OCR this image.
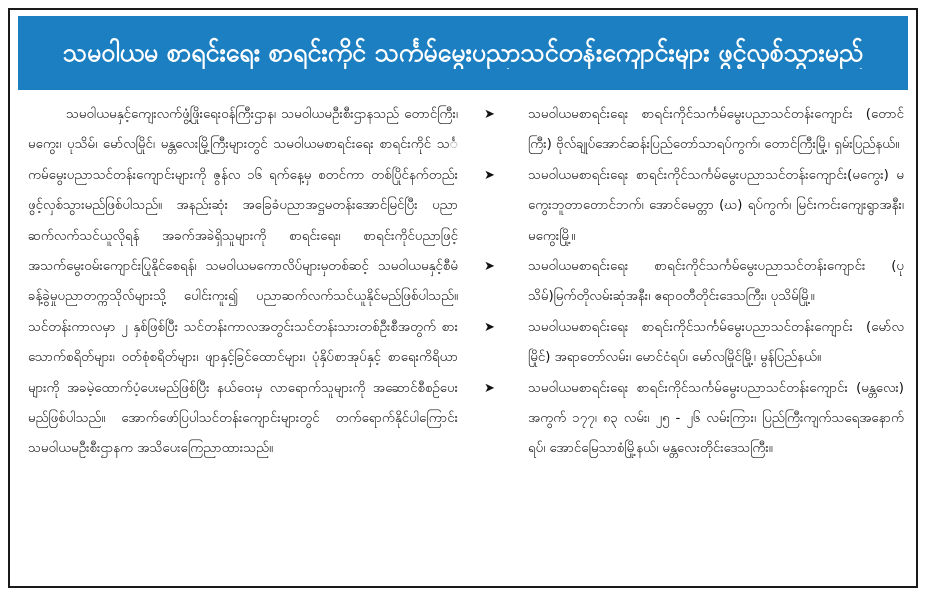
သမဝါယမ စာရင်းရေး စာရင်းကိုင် သင်္ကမ်မွေးပညာသင်တန်းကျောင်းများ ဖွင့်လှစ်သွားမည်

သမဝါယမနှင့်ကျေးလက်ဖွံ့ဖြိုးရေးဝန်ကြီးဌာန၊ သမဝါယမဦးစီးဌာနသည် တောင်ကြီး၊ မကွေး၊ ပုသိမ်၊ မော်လမြိုင်၊ မန္တလေးမြို့ကြီးများတွင် သမဝါယမစာရင်းရေး စာရင်းကိုင် သင်္ကမ်မွေးပညာသင်တန်းကျောင်းများကို ဇွန်လ ၁၆ ရက်နေ့မှ စတင်ကာ တစ်ပြိုင်နက်တည်း ဖွင့်လှစ်သွားမည်ဖြစ်ပါသည်။ အနည်းဆုံး အခြေခံပညာအဋ္ဌမတန်းအောင်မြင်ပြီး ပညာဆက်လက်သင်ယူလိုရန် အခက်အခဲရှိသူများကို စာရင်းရေး၊ စာရင်းကိုင်ပညာဖြင့် အသက်မွေးဝမ်းကျောင်းပြုနိုင်စေရန်၊ သမဝါယမကောလိပ်များမှတစ်ဆင့် သမဝါယမနှင့်စီမံခန့်ခွဲမှုပညာတက္ကသိုလ်များသို့ ပေါင်းကူး၍ ပညာဆက်လက်သင်ယူနိုင်မည်ဖြစ်ပါသည်။ သင်တန်းကာလမှာ ၂ နှစ်ဖြစ်ပြီး သင်တန်းကာလအတွင်းသင်တန်းသားတစ်ဦးစီအတွက် စားသောက်စရိတ်များ၊ ဝတ်စုံစရိတ်များ၊ ဖျာနှင့်ခြင်ထောင်များ၊ ပုံနှိပ်စာအုပ်နှင့် စာရေးကိရိယာများကို အခမဲ့ထောက်ပံ့ပေးမည်ဖြစ်ပြီး နယ်ဝေးမှ လာရောက်သူများကို အဆောင်စီစဉ်ပေးမည်ဖြစ်ပါသည်။ အောက်ဖော်ပြပါသင်တန်းကျောင်းများတွင် တက်ရောက်နိုင်ပါကြောင်း သမဝါယမဦးစီးဌာနက အသိပေးကြေညာထားသည်။

➤	သမဝါယမစာရင်းရေး စာရင်းကိုင်သင်္ကမ်မွေးပညာသင်တန်းကျောင်း (တောင်ကြီး) ဗိုလ်ချုပ်အောင်ဆန်းပြည်တော်သာရပ်ကွက်၊ တောင်ကြီးမြို့၊ ရှမ်းပြည်နယ်။
➤	သမဝါယမစာရင်းရေး စာရင်းကိုင်သင်္ကမ်မွေးပညာသင်တန်းကျောင်း(မကွေး) မကွေးဘူတာတောင်ဘက်၊ အောင်မေတ္တာ (ဃ) ရပ်ကွက်၊ မြင်းကင်းကျေးရွာအနီး၊ မကွေးမြို့။
➤	သမဝါယမစာရင်းရေး စာရင်းကိုင်သင်္ကမ်မွေးပညာသင်တန်းကျောင်း (ပုသိမ်)မြက်တိုလမ်းဆုံအနီး၊ ဧရာဝတီတိုင်းဒေသကြီး၊ ပုသိမ်မြို့။
➤	သမဝါယမစာရင်းရေး စာရင်းကိုင်သင်္ကမ်မွေးပညာသင်တန်းကျောင်း (မော်လမြိုင်) အရာတော်လမ်း၊ မောင်ငံရပ်၊ မော်လမြိုင်မြို့၊ မွန်ပြည်နယ်။
➤	သမဝါယမစာရင်းရေး စာရင်းကိုင်သင်္ကမ်မွေးပညာသင်တန်းကျောင်း (မန္တလေး) အကွက် ၁၇၇၊ ၈၃ လမ်း၊ ၂၅ - ၂၆ လမ်းကြား၊ ပြည်ကြီးကျက်သရေအနောက်ရပ်၊ အောင်မြေသာစံမြို့နယ်၊ မန္တလေးတိုင်းဒေသကြီး။
